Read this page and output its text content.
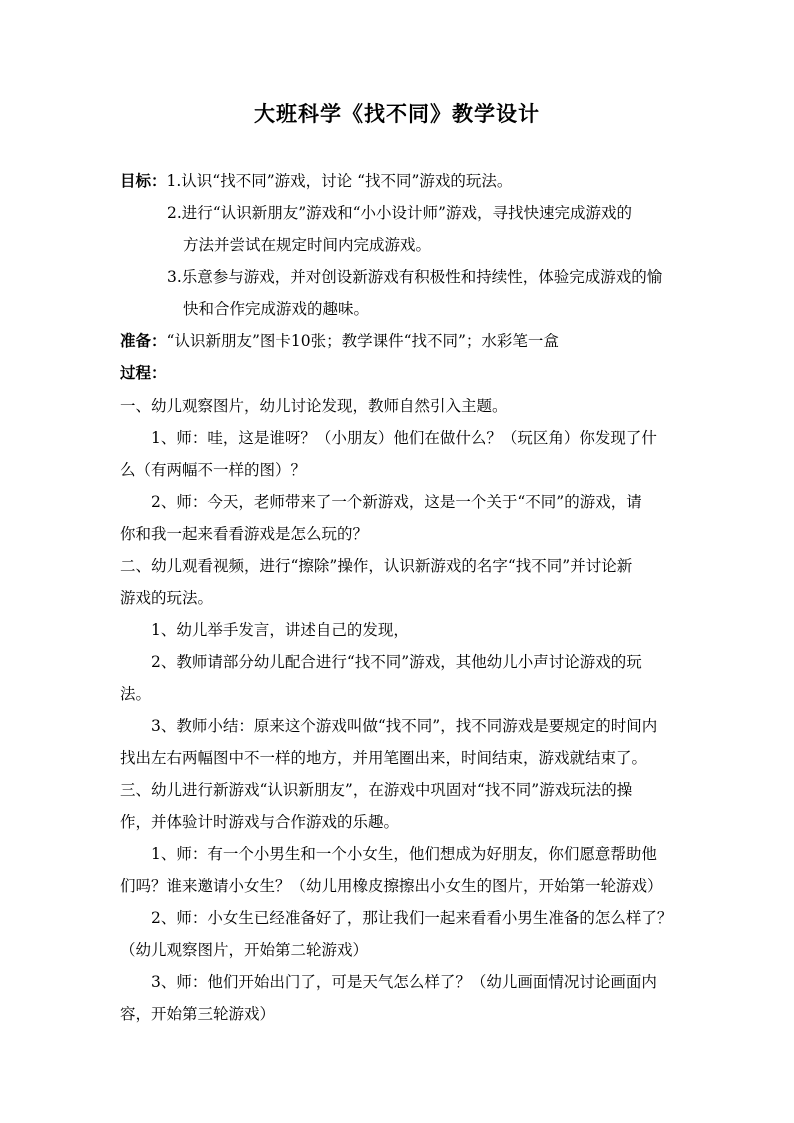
大班科学《找不同》教学设计
目标：1.认识“找不同”游戏，讨论 “找不同”游戏的玩法。
2.进行“认识新朋友”游戏和“小小设计师”游戏，寻找快速完成游戏的
方法并尝试在规定时间内完成游戏。
3.乐意参与游戏，并对创设新游戏有积极性和持续性，体验完成游戏的愉
快和合作完成游戏的趣味。
准备：“认识新朋友”图卡10张；教学课件“找不同”；水彩笔一盒
过程：
一、幼儿观察图片，幼儿讨论发现，教师自然引入主题。
1、师：哇，这是谁呀？（小朋友）他们在做什么？（玩区角）你发现了什
么（有两幅不一样的图）？
2、师：今天，老师带来了一个新游戏，这是一个关于“不同”的游戏，请
你和我一起来看看游戏是怎么玩的？
二、幼儿观看视频，进行“擦除”操作，认识新游戏的名字“找不同”并讨论新
游戏的玩法。
1、幼儿举手发言，讲述自己的发现，
2、教师请部分幼儿配合进行“找不同”游戏，其他幼儿小声讨论游戏的玩
法。
3、教师小结：原来这个游戏叫做“找不同”，找不同游戏是要规定的时间内
找出左右两幅图中不一样的地方，并用笔圈出来，时间结束，游戏就结束了。
三、幼儿进行新游戏“认识新朋友”，在游戏中巩固对“找不同”游戏玩法的操
作，并体验计时游戏与合作游戏的乐趣。
1、师：有一个小男生和一个小女生，他们想成为好朋友，你们愿意帮助他
们吗？谁来邀请小女生？（幼儿用橡皮擦擦出小女生的图片，开始第一轮游戏）
2、师：小女生已经准备好了，那让我们一起来看看小男生准备的怎么样了？
（幼儿观察图片，开始第二轮游戏）
3、师：他们开始出门了，可是天气怎么样了？（幼儿画面情况讨论画面内
容，开始第三轮游戏）
